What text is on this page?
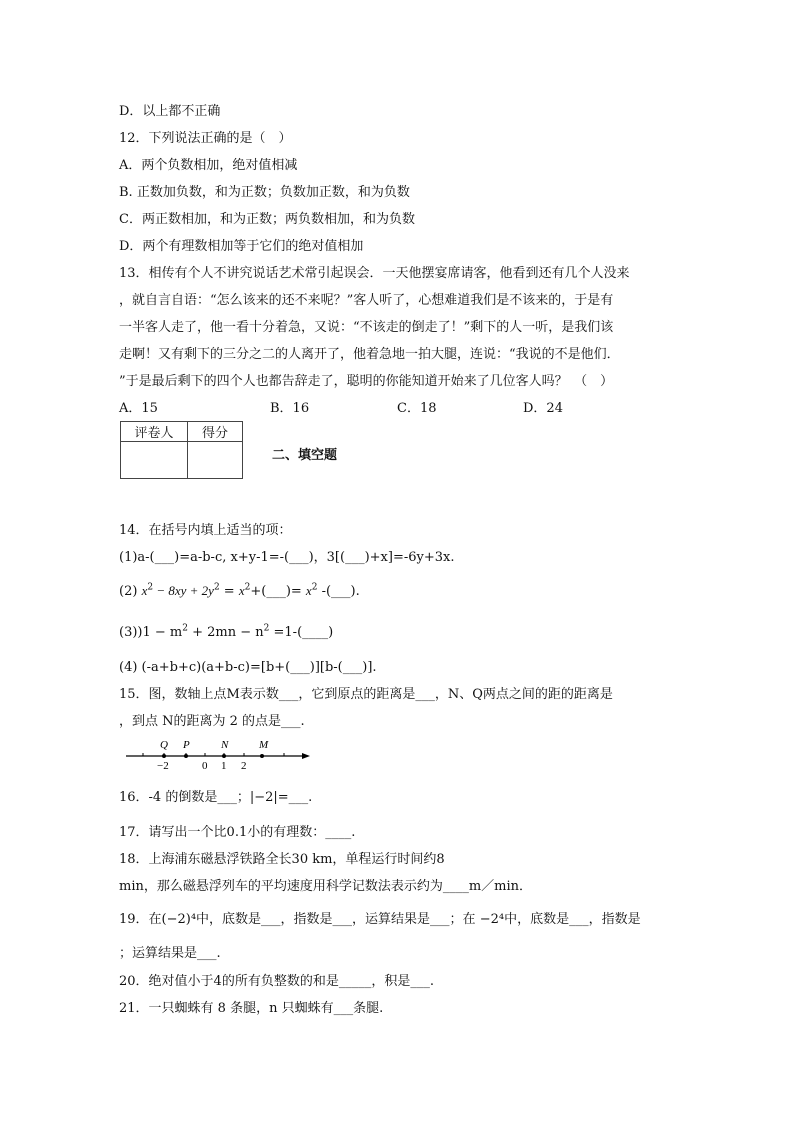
D．以上都不正确
12．下列说法正确的是（　）
A．两个负数相加，绝对值相减
B. 正数加负数，和为正数；负数加正数，和为负数
C．两正数相加，和为正数；两负数相加，和为负数
D．两个有理数相加等于它们的绝对值相加
13．相传有个人不讲究说话艺术常引起误会．一天他摆宴席请客，他看到还有几个人没来
，就自言自语：“怎么该来的还不来呢？”客人听了，心想难道我们是不该来的，于是有
一半客人走了，他一看十分着急，又说：“不该走的倒走了！”剩下的人一听，是我们该
走啊！又有剩下的三分之二的人离开了，他着急地一拍大腿，连说：“我说的不是他们．
”于是最后剩下的四个人也都告辞走了，聪明的你能知道开始来了几位客人吗？　（　）
A．15	B．16	C．18	D．24
评卷人	得分

二、填空题
14．在括号内填上适当的项：
(1)a-(___)=a-b-c, x+y-1=-(___)，3[(___)+x]=-6y+3x.
(2) $x^2 - 8xy + 2y^2$ = $x^2+(\_\_\_)= x^2$ -(___).
$(3))1 - m^2 + 2mn - n^2$ =1-(____)
(4) (-a+b+c)(a+b-c)=[b+(___)][b-(___)].
15．图，数轴上点M表示数___，它到原点的距离是___，N、Q两点之间的距的距离是
，到点 N的距离为 2 的点是___.
Q P	N	M
−2	0 1 2
16．-4 的倒数是___；|−2|=___.
17．请写出一个比0.1小的有理数：____.
18．上海浦东磁悬浮铁路全长30 km，单程运行时间约8
min，那么磁悬浮列车的平均速度用科学记数法表示约为____m／min．
19．在(−2)⁴中，底数是___，指数是___，运算结果是___；在 −2⁴中，底数是___，指数是
；运算结果是___.
20．绝对值小于4的所有负整数的和是_____，积是___.
21．一只蜘蛛有 8 条腿，n 只蜘蛛有___条腿.
